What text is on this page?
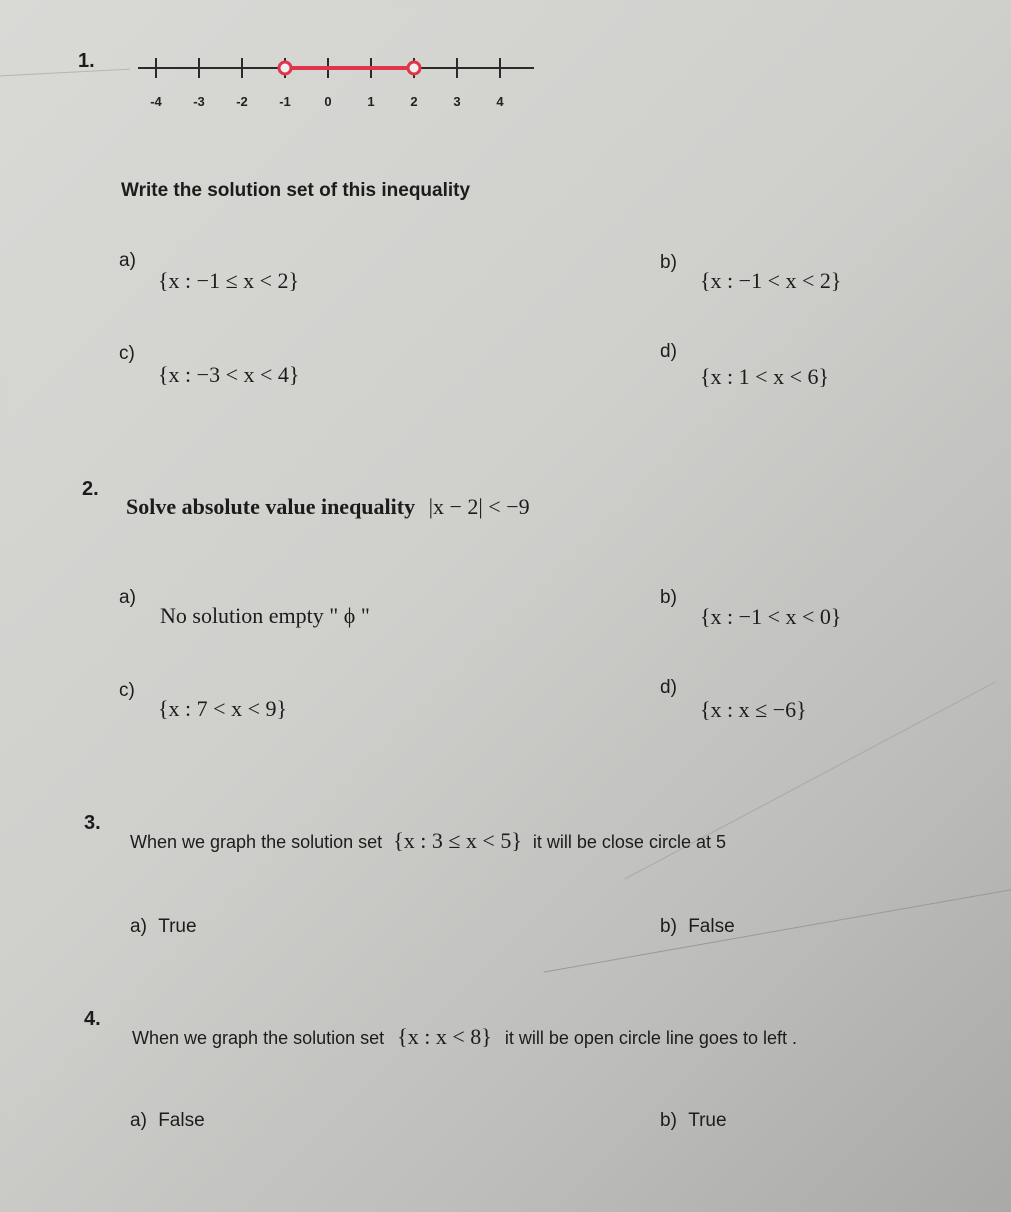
1.
-4 -3 -2 -1	0	1	2	3	4
Write the solution set of this inequality
a)
{x : −1 ≤ x < 2}
b)
{x : −1 < x < 2}
c)
{x : −3 < x < 4}
d)
{x : 1 < x < 6}
2.
Solve absolute value inequality |x − 2| < −9
a)
No solution empty " ϕ "
b)
{x : −1 < x < 0}
c)
{x : 7 < x < 9}
d)
{x : x ≤ −6}
3.
When we graph the solution set {x : 3 ≤ x < 5} it will be close circle at 5
a) True	b) False
4.
When we graph the solution set {x : x < 8} it will be open circle line goes to left .
a) False	b) True
